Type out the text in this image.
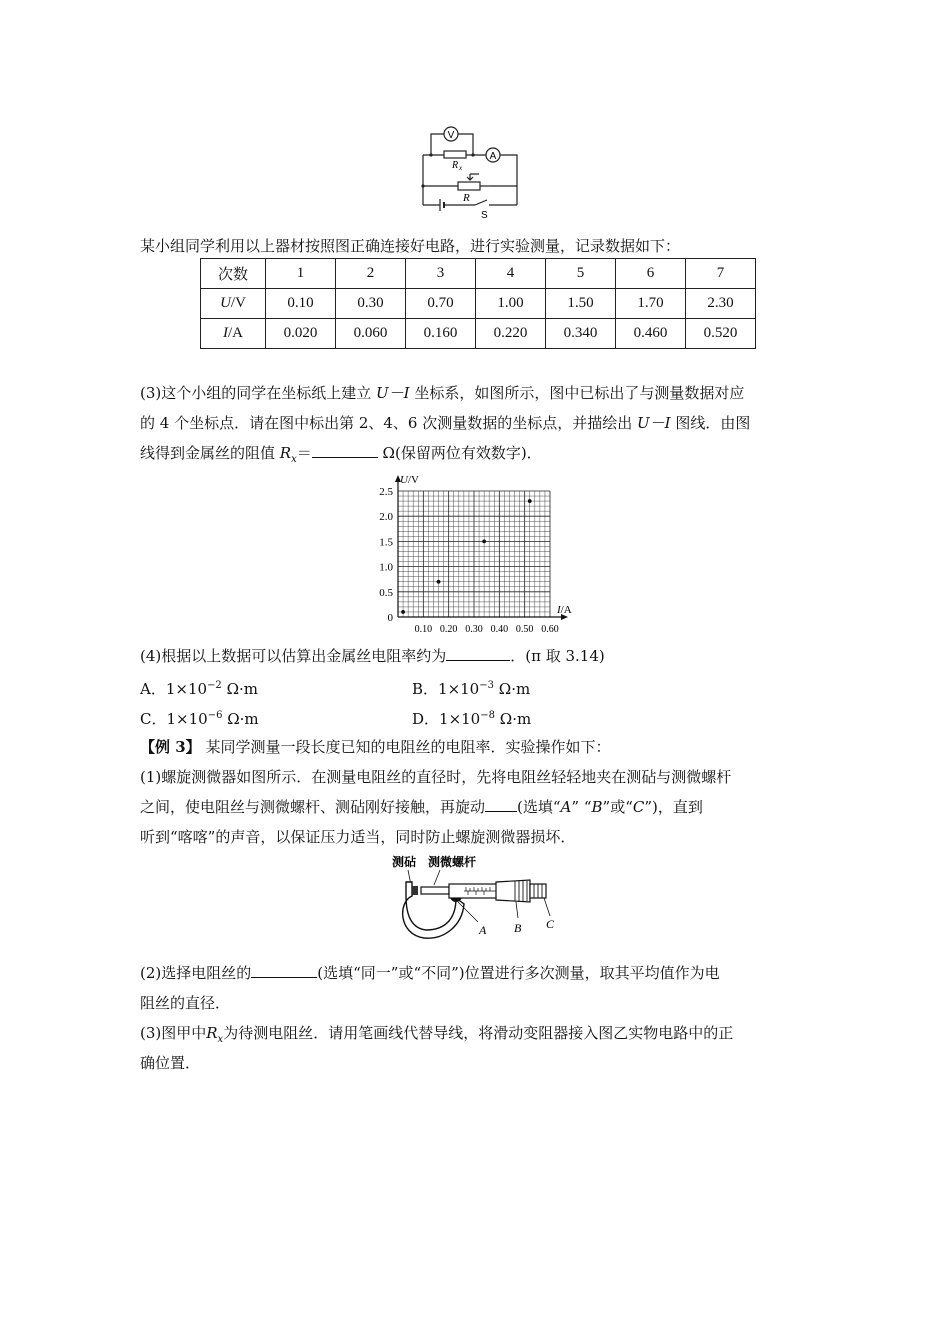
V
A
R x
R
S
某小组同学利用以上器材按照图正确连接好电路，进行实验测量，记录数据如下：
次数	1	2	3	4	5	6	7
U/V	0.10	0.30	0.70	1.00	1.50	1.70	2.30
I/A	0.020	0.060	0.160	0.220	0.340	0.460	0.520
(3)这个小组的同学在坐标纸上建立 U－I 坐标系，如图所示，图中已标出了与测量数据对应
的 4 个坐标点．请在图中标出第 2、4、6 次测量数据的坐标点，并描绘出 U－I 图线．由图
线得到金属丝的阻值 $R_x=$	Ω(保留两位有效数字)．
0
0.5
1.0
1.5
2.0
2.5
0.10 0.20 0.30 0.40 0.50 0.60
U/V
I/A
(4)根据以上数据可以估算出金属丝电阻率约为	．(π 取 3.14)
A．$1\times 10^{-2}$ Ω·m	B．$1\times 10^{-3}$ Ω·m
C．$1\times 10^{-6}$ Ω·m	D．$1\times 10^{-8}$ Ω·m
【例 3】 某同学测量一段长度已知的电阻丝的电阻率．实验操作如下：
(1)螺旋测微器如图所示．在测量电阻丝的直径时，先将电阻丝轻轻地夹在测砧与测微螺杆
之间，使电阻丝与测微螺杆、测砧刚好接触，再旋动 (选填“A” “B”或“C”)，直到
听到“喀喀”的声音，以保证压力适当，同时防止螺旋测微器损坏．
测砧 测微螺杆
A B C
(2)选择电阻丝的	(选填“同一”或“不同”)位置进行多次测量，取其平均值作为电
阻丝的直径．
(3)图甲中$R_x$为待测电阻丝．请用笔画线代替导线，将滑动变阻器接入图乙实物电路中的正
确位置．
